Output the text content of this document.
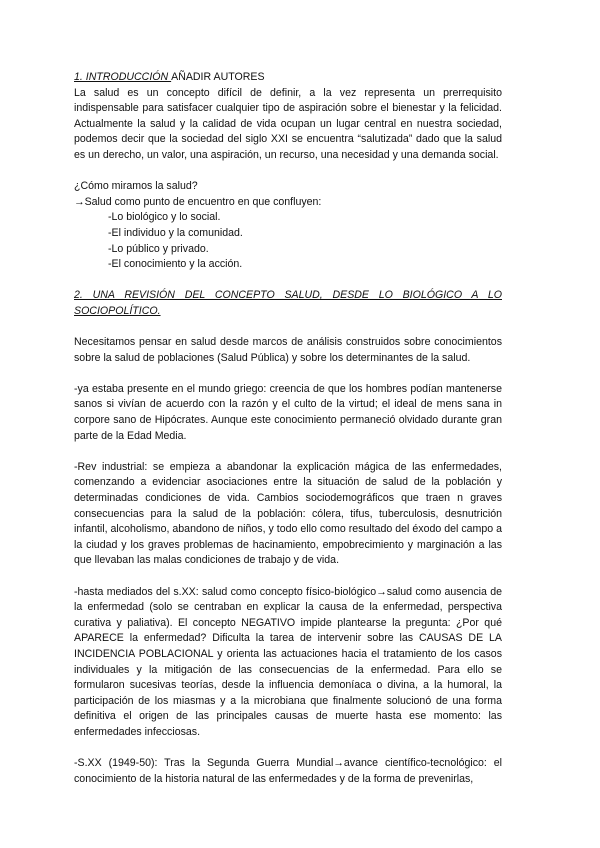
1. INTRODUCCIÓN AÑADIR AUTORES

La salud es un concepto difícil de definir, a la vez representa un prerrequisito indispensable para satisfacer cualquier tipo de aspiración sobre el bienestar y la felicidad. Actualmente la salud y la calidad de vida ocupan un lugar central en nuestra sociedad, podemos decir que la sociedad del siglo XXI se encuentra “salutizada” dado que la salud es un derecho, un valor, una aspiración, un recurso, una necesidad y una demanda social.

¿Cómo miramos la salud?

→Salud como punto de encuentro en que confluyen:

-Lo biológico y lo social.
-El individuo y la comunidad.
-Lo público y privado.
-El conocimiento y la acción.

2. UNA REVISIÓN DEL CONCEPTO SALUD, DESDE LO BIOLÓGICO A LO

SOCIOPOLÍTICO.

Necesitamos pensar en salud desde marcos de análisis construidos sobre conocimientos sobre la salud de poblaciones (Salud Pública) y sobre los determinantes de la salud.

-ya estaba presente en el mundo griego: creencia de que los hombres podían mantenerse sanos si vivían de acuerdo con la razón y el culto de la virtud; el ideal de mens sana in corpore sano de Hipócrates. Aunque este conocimiento permaneció olvidado durante gran parte de la Edad Media.

-Rev industrial: se empieza a abandonar la explicación mágica de las enfermedades, comenzando a evidenciar asociaciones entre la situación de salud de la población y determinadas condiciones de vida. Cambios sociodemográficos que traen n graves consecuencias para la salud de la población: cólera, tifus, tuberculosis, desnutrición infantil, alcoholismo, abandono de niños, y todo ello como resultado del éxodo del campo a la ciudad y los graves problemas de hacinamiento, empobrecimiento y marginación a las que llevaban las malas condiciones de trabajo y de vida.

-hasta mediados del s.XX: salud como concepto físico-biológico→salud como ausencia de la enfermedad (solo se centraban en explicar la causa de la enfermedad, perspectiva curativa y paliativa). El concepto NEGATIVO impide plantearse la pregunta: ¿Por qué APARECE la enfermedad? Dificulta la tarea de intervenir sobre las CAUSAS DE LA INCIDENCIA POBLACIONAL y orienta las actuaciones hacia el tratamiento de los casos individuales y la mitigación de las consecuencias de la enfermedad. Para ello se formularon sucesivas teorías, desde la influencia demoníaca o divina, a la humoral, la participación de los miasmas y a la microbiana que finalmente solucionó de una forma definitiva el origen de las principales causas de muerte hasta ese momento: las enfermedades infecciosas.

-S.XX (1949-50): Tras la Segunda Guerra Mundial→avance científico-tecnológico: el conocimiento de la historia natural de las enfermedades y de la forma de prevenirlas,
